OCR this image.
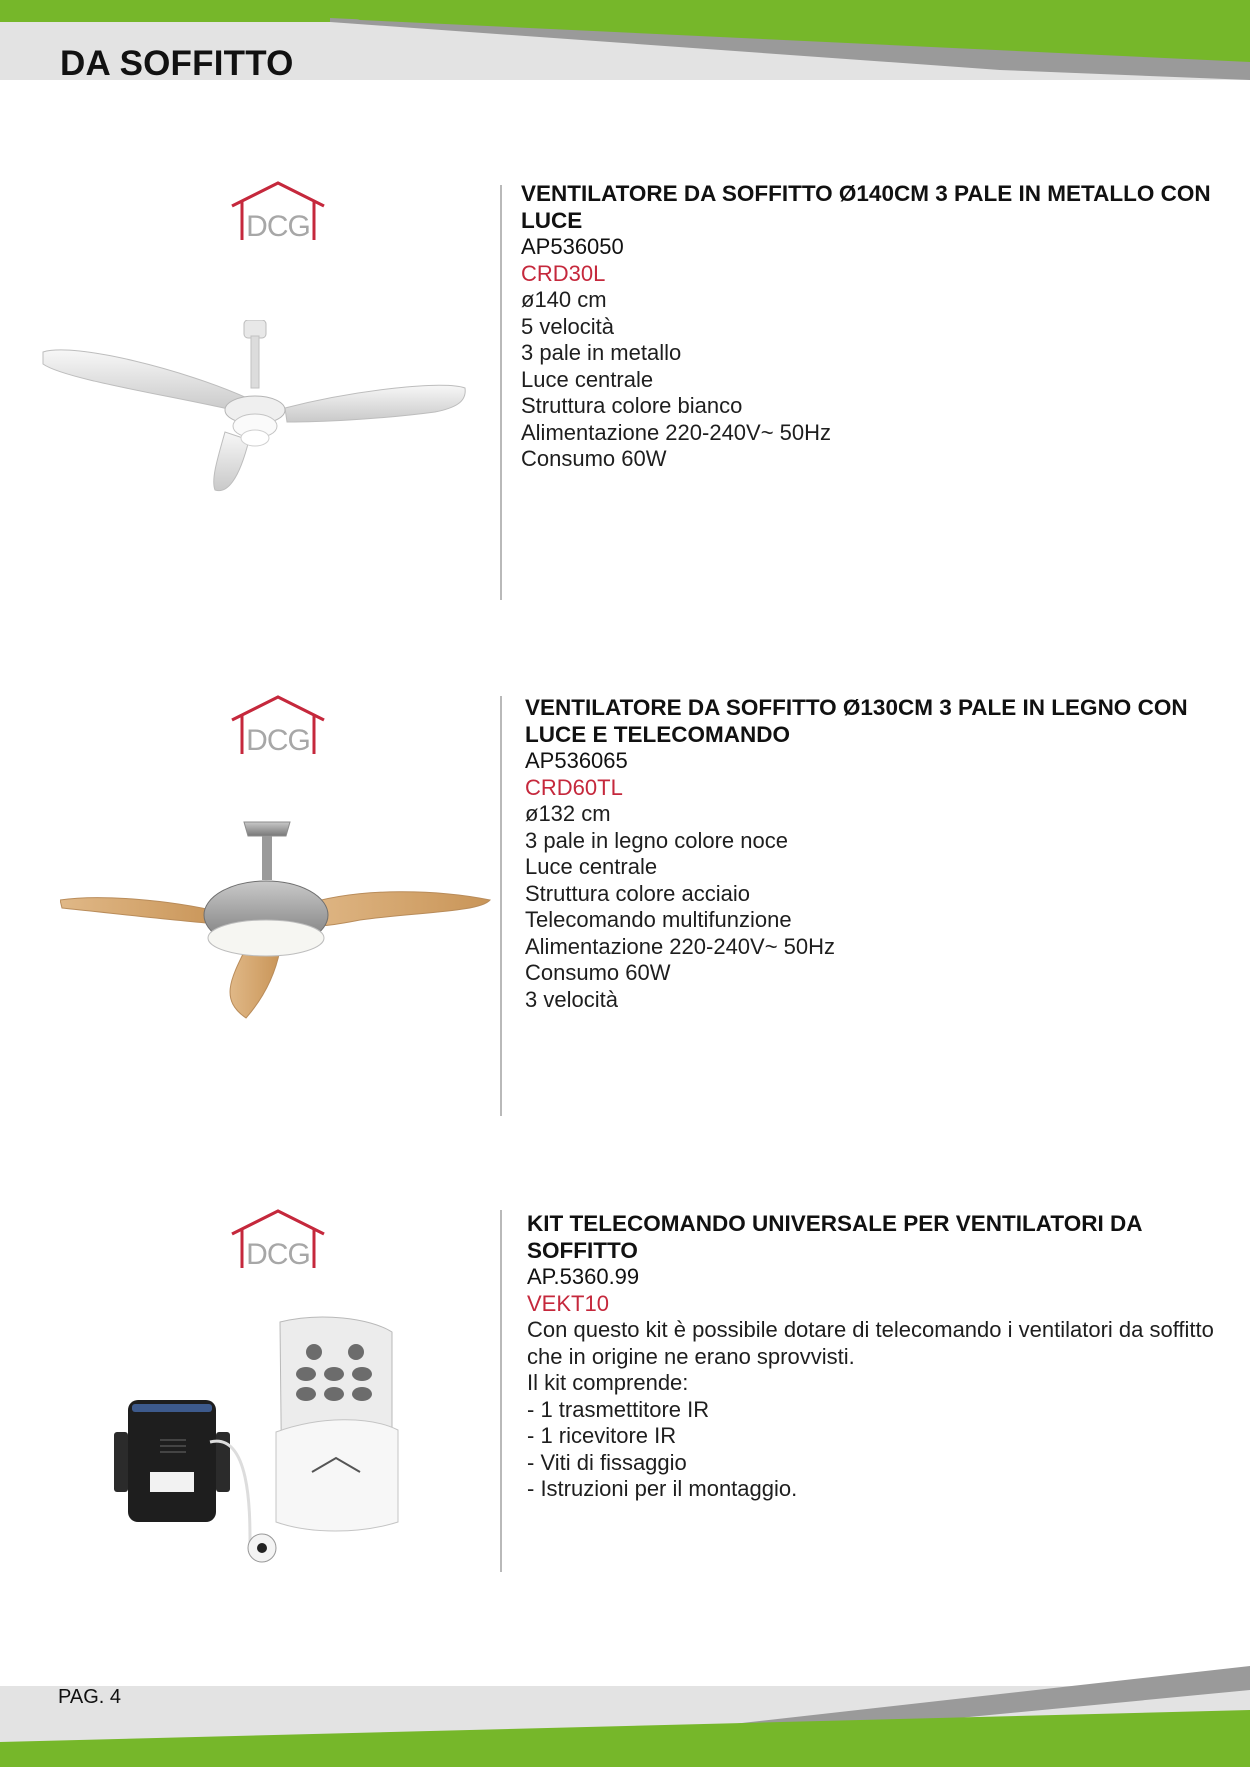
DA SOFFITTO
DCG
VENTILATORE DA SOFFITTO Ø140CM 3 PALE IN METALLO CON LUCE
AP536050
CRD30L
ø140 cm
5 velocità
3 pale in metallo
Luce centrale
Struttura colore bianco
Alimentazione 220-240V~ 50Hz
Consumo 60W
DCG
VENTILATORE DA SOFFITTO Ø130CM 3 PALE IN LEGNO CON LUCE E TELECOMANDO
AP536065
CRD60TL
ø132 cm
3 pale in legno colore noce
Luce centrale
Struttura colore acciaio
Telecomando multifunzione
Alimentazione 220-240V~ 50Hz
Consumo 60W
3 velocità
DCG
KIT TELECOMANDO UNIVERSALE PER VENTILATORI DA SOFFITTO
AP.5360.99
VEKT10

Con questo kit è possibile dotare di telecomando i ventilatori da soffitto che in origine ne erano sprovvisti.

Il kit comprende:

- 1 trasmettitore IR
- 1 ricevitore IR
- Viti di fissaggio
- Istruzioni per il montaggio.
PAG. 4
